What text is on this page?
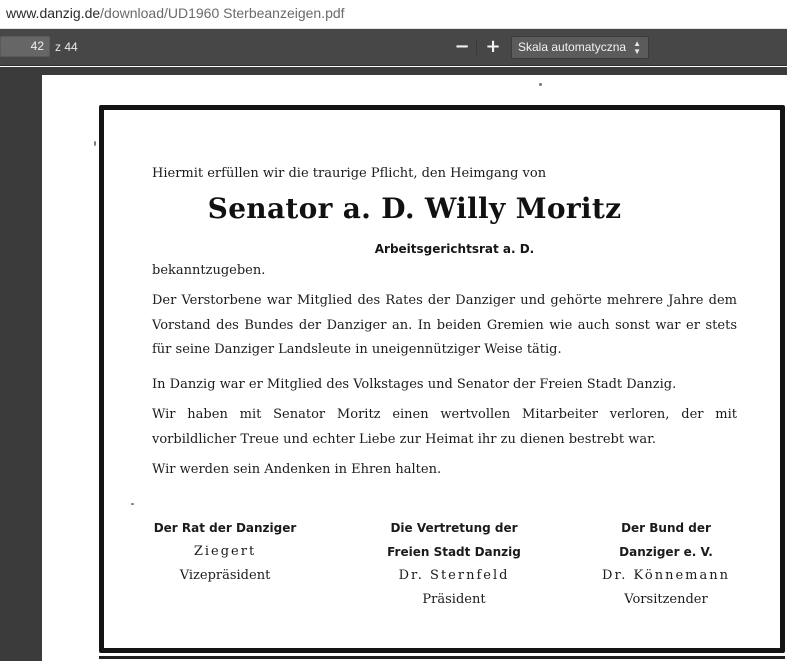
www.danzig.de/download/UD1960 Sterbeanzeigen.pdf
42 z 44	− +	Skala automatyczna ▲
▼
Hiermit erfüllen wir die traurige Pflicht, den Heimgang von
Senator a. D. Willy Moritz
Arbeitsgerichtsrat a. D.
bekanntzugeben.
Der Verstorbene war Mitglied des Rates der Danziger und gehörte mehrere Jahre dem Vorstand des Bundes der Danziger an. In beiden Gremien wie auch sonst war er stets für seine Danziger Landsleute in uneigennütziger Weise tätig.
In Danzig war er Mitglied des Volkstages und Senator der Freien Stadt Danzig.
Wir haben mit Senator Moritz einen wertvollen Mitarbeiter verloren, der mit vorbildlicher Treue und echter Liebe zur Heimat ihr zu dienen bestrebt war.
Wir werden sein Andenken in Ehren halten.
Der Rat der Danziger
Ziegert
Vizepräsident
Die Vertretung der
Freien Stadt Danzig
Dr. Sternfeld
Präsident
Der Bund der
Danziger e. V.
Dr. Könnemann
Vorsitzender
